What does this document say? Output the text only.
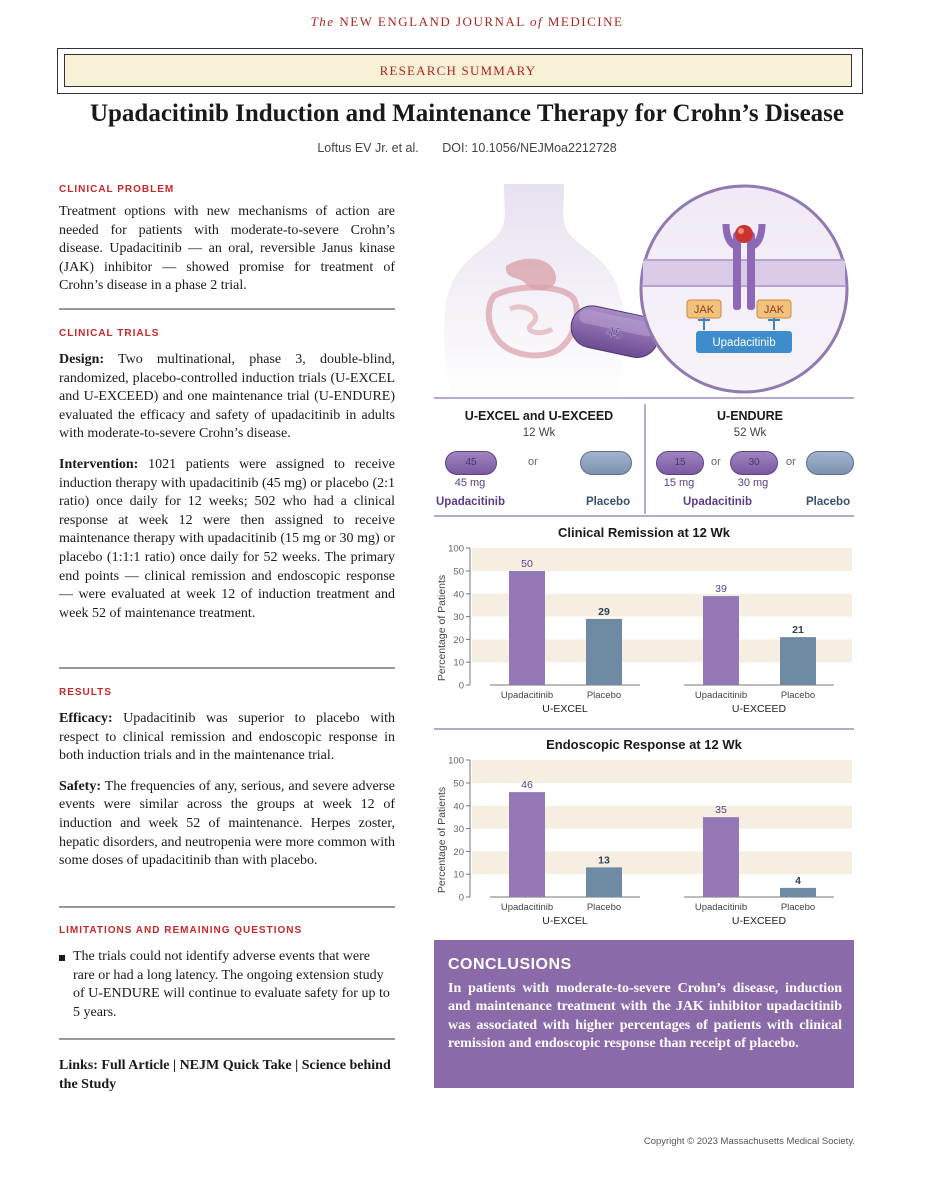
The NEW ENGLAND JOURNAL of MEDICINE
RESEARCH SUMMARY
Upadacitinib Induction and Maintenance Therapy for Crohn’s Disease
Loftus EV Jr. et al. DOI: 10.1056/NEJMoa2212728
CLINICAL PROBLEM
Treatment options with new mechanisms of action are needed for patients with moderate-to-severe Crohn’s disease. Upadacitinib — an oral, reversible Janus kinase (JAK) inhibitor — showed promise for treatment of Crohn’s disease in a phase 2 trial.
CLINICAL TRIALS
Design: Two multinational, phase 3, double-blind, randomized, placebo-controlled induction trials (U-EXCEL and U-EXCEED) and one maintenance trial (U-ENDURE) evaluated the efficacy and safety of upadacitinib in adults with moderate-to-severe Crohn’s disease.
Intervention: 1021 patients were assigned to receive induction therapy with upadacitinib (45 mg) or placebo (2:1 ratio) once daily for 12 weeks; 502 who had a clinical response at week 12 were then assigned to receive maintenance therapy with upadacitinib (15 mg or 30 mg) or placebo (1:1:1 ratio) once daily for 52 weeks. The primary end points — clinical remission and endoscopic response — were evaluated at week 12 of induction treatment and week 52 of maintenance treatment.
RESULTS
Efficacy: Upadacitinib was superior to placebo with respect to clinical remission and endoscopic response in both induction trials and in the maintenance trial.
Safety: The frequencies of any, serious, and severe adverse events were similar across the groups at week 12 of induction and week 52 of maintenance. Herpes zoster, hepatic disorders, and neutropenia were more common with some doses of upadacitinib than with placebo.
LIMITATIONS AND REMAINING QUESTIONS
The trials could not identify adverse events that were rare or had a long latency. The ongoing extension study of U-ENDURE will continue to evaluate safety for up to 5 years.
Links: Full Article | NEJM Quick Take | Science behind the Study
45
JAK	JAK
Upadacitinib
U-EXCEL and U-EXCEED
12 Wk
U-ENDURE
52 Wk
45	or
45 mg
Upadacitinib	Placebo
15	or	30	or
15 mg	30 mg
Upadacitinib	Placebo
Clinical Remission at 12 Wk
0
10
20
30
40
50
100
Percentage of Patients
50
Upadacitinib
29
Placebo
U-EXCEL
39
Upadacitinib
21
Placebo
U-EXCEED
Endoscopic Response at 12 Wk
0
10
20
30
40
50
100
Percentage of Patients
46
Upadacitinib
13
Placebo
U-EXCEL
35
Upadacitinib
4
Placebo
U-EXCEED
CONCLUSIONS
In patients with moderate-to-severe Crohn’s disease, induction and maintenance treatment with the JAK inhibitor upadacitinib was associated with higher percentages of patients with clinical remission and endoscopic response than receipt of placebo.
Copyright © 2023 Massachusetts Medical Society.
